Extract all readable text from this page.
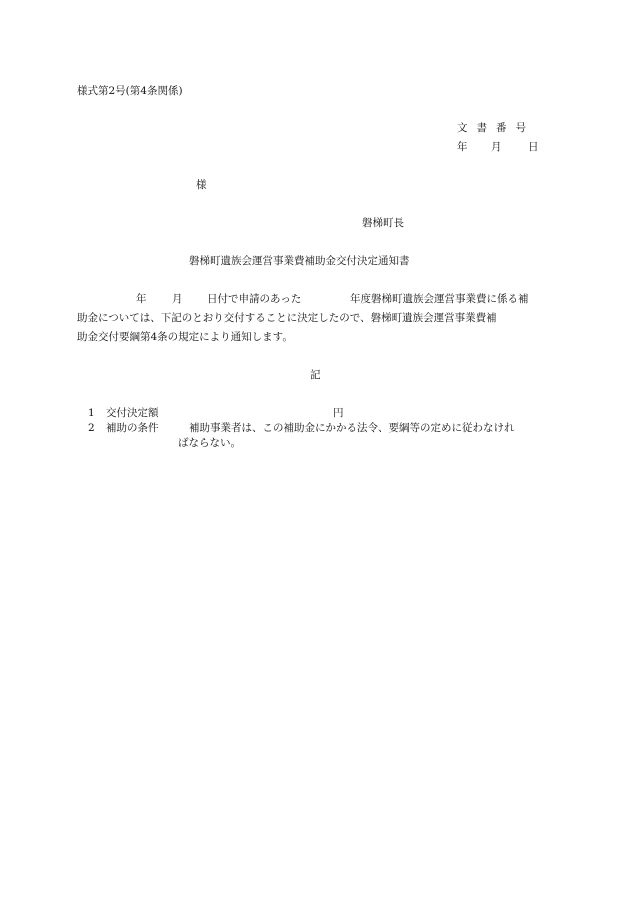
様式第2号(第4条関係)
文書番号
年 月	日
様
磐梯町長
磐梯町遺族会運営事業費補助金交付決定通知書
年 月 日付で申請のあった	年度磐梯町遺族会運営事業費に係る補
助金については、下記のとおり交付することに決定したので、磐梯町遺族会運営事業費補
助金交付要綱第4条の規定により通知します。
記
1 交付決定額	円
2 補助の条件	補助事業者は、この補助金にかかる法令、要綱等の定めに従わなけれ
ばならない。
